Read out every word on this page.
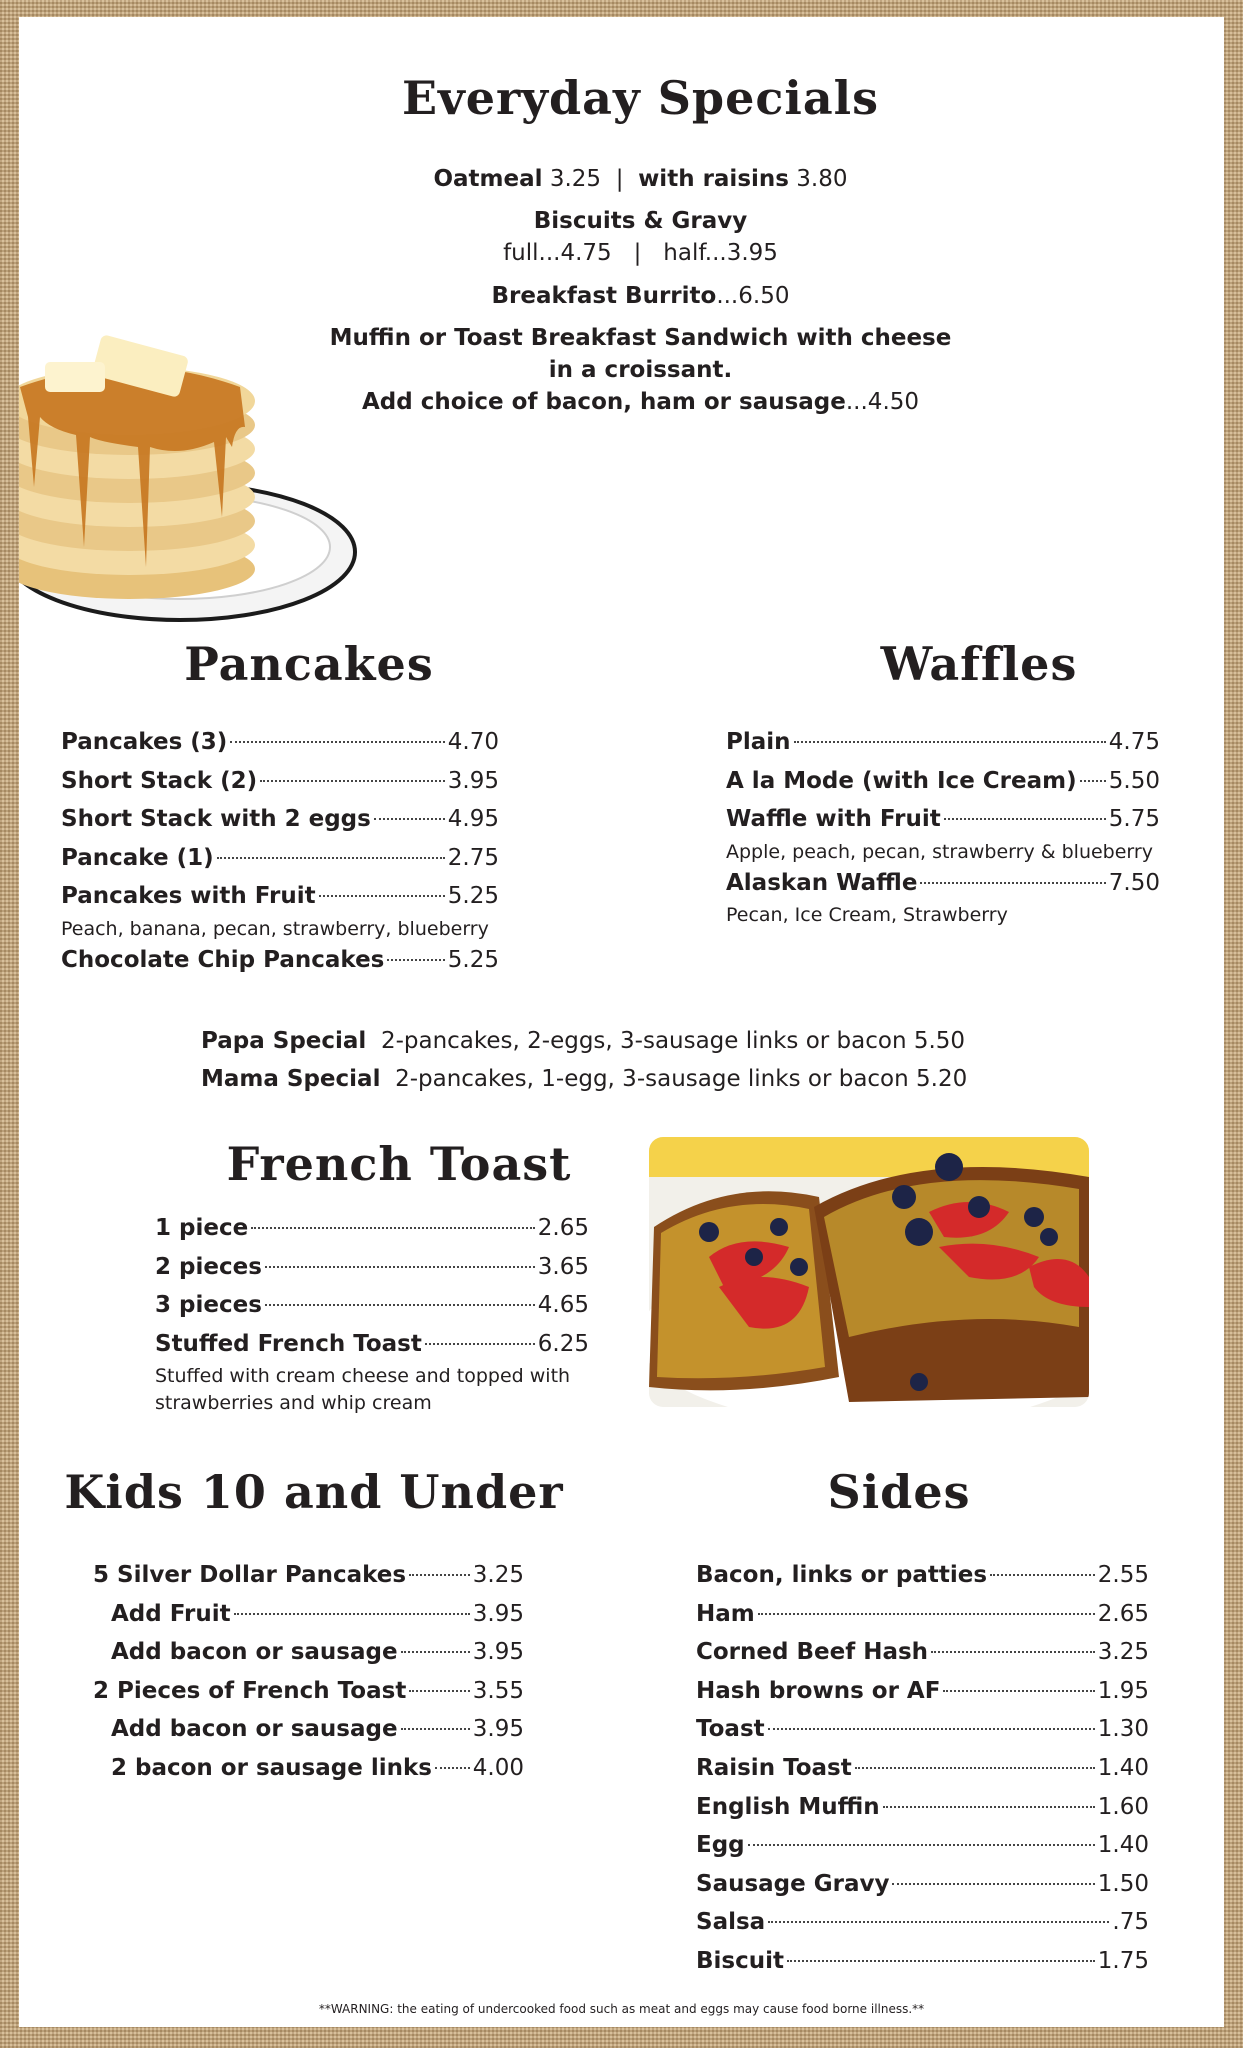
Everyday Specials
Oatmeal 3.25 | with raisins 3.80
Biscuits & Gravy
full...4.75   |   half...3.95
Breakfast Burrito...6.50
Muffin or Toast Breakfast Sandwich with cheese
in a croissant.
Add choice of bacon, ham or sausage...4.50
Pancakes
Pancakes (3)	4.70
Short Stack (2)	3.95
Short Stack with 2 eggs	4.95
Pancake (1)	2.75
Pancakes with Fruit	5.25
Peach, banana, pecan, strawberry, blueberry
Chocolate Chip Pancakes	5.25
Waffles
Plain	4.75
A la Mode (with Ice Cream) 5.50
Waffle with Fruit	5.75
Apple, peach, pecan, strawberry & blueberry
Alaskan Waffle	7.50
Pecan, Ice Cream, Strawberry
Papa Special 2-pancakes, 2-eggs, 3-sausage links or bacon 5.50
Mama Special 2-pancakes, 1-egg, 3-sausage links or bacon 5.20
French Toast
1 piece	2.65
2 pieces	3.65
3 pieces	4.65
Stuffed French Toast	6.25
Stuffed with cream cheese and topped with
strawberries and whip cream
Kids 10 and Under
5 Silver Dollar Pancakes	3.25
Add Fruit	3.95
Add bacon or sausage	3.95
2 Pieces of French Toast	3.55
Add bacon or sausage	3.95
2 bacon or sausage links 4.00
Sides
Bacon, links or patties	2.55
Ham	2.65
Corned Beef Hash	3.25
Hash browns or AF	1.95
Toast	1.30
Raisin Toast	1.40
English Muffin	1.60
Egg	1.40
Sausage Gravy	1.50
Salsa	.75
Biscuit	1.75
**WARNING: the eating of undercooked food such as meat and eggs may cause food borne illness.**
